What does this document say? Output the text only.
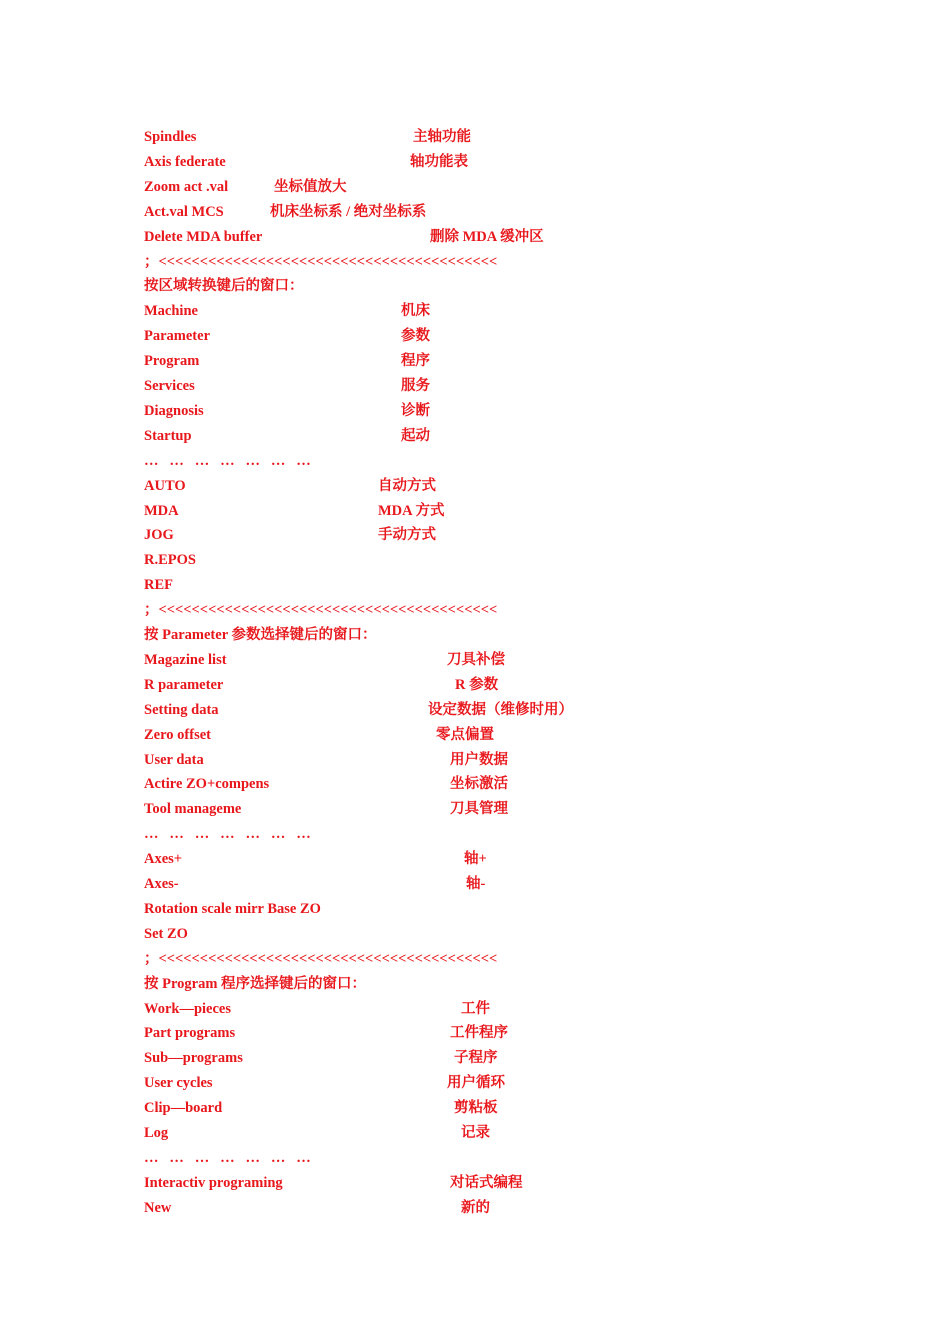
Spindles	主轴功能
Axis federate	轴功能表
Zoom act .val	坐标值放大
Act.val MCS	机床坐标系 / 绝对坐标系
Delete MDA buffer	删除 MDA 缓冲区
；<<<<<<<<<<<<<<<<<<<<<<<<<<<<<<<<<<<<<<<<<
按区域转换键后的窗口：
Machine	机床
Parameter	参数
Program	程序
Services	服务
Diagnosis	诊断
Startup	起动
…   …   …   …   …   …   …
AUTO	自动方式
MDA	MDA 方式
JOG	手动方式
R.EPOS
REF
；<<<<<<<<<<<<<<<<<<<<<<<<<<<<<<<<<<<<<<<<<
按 Parameter 参数选择键后的窗口：
Magazine list	刀具补偿
R parameter	R 参数
Setting data	设定数据（维修时用）
Zero offset	零点偏置
User data	用户数据
Actire ZO+compens	坐标激活
Tool manageme	刀具管理
…   …   …   …   …   …   …
Axes+	轴+
Axes-	轴-
Rotation scale mirr Base ZO
Set ZO
；<<<<<<<<<<<<<<<<<<<<<<<<<<<<<<<<<<<<<<<<<
按 Program 程序选择键后的窗口：
Work—pieces	工件
Part programs	工件程序
Sub—programs	子程序
User cycles	用户循环
Clip—board	剪粘板
Log	记录
…   …   …   …   …   …   …
Interactiv programing	对话式编程
New	新的
